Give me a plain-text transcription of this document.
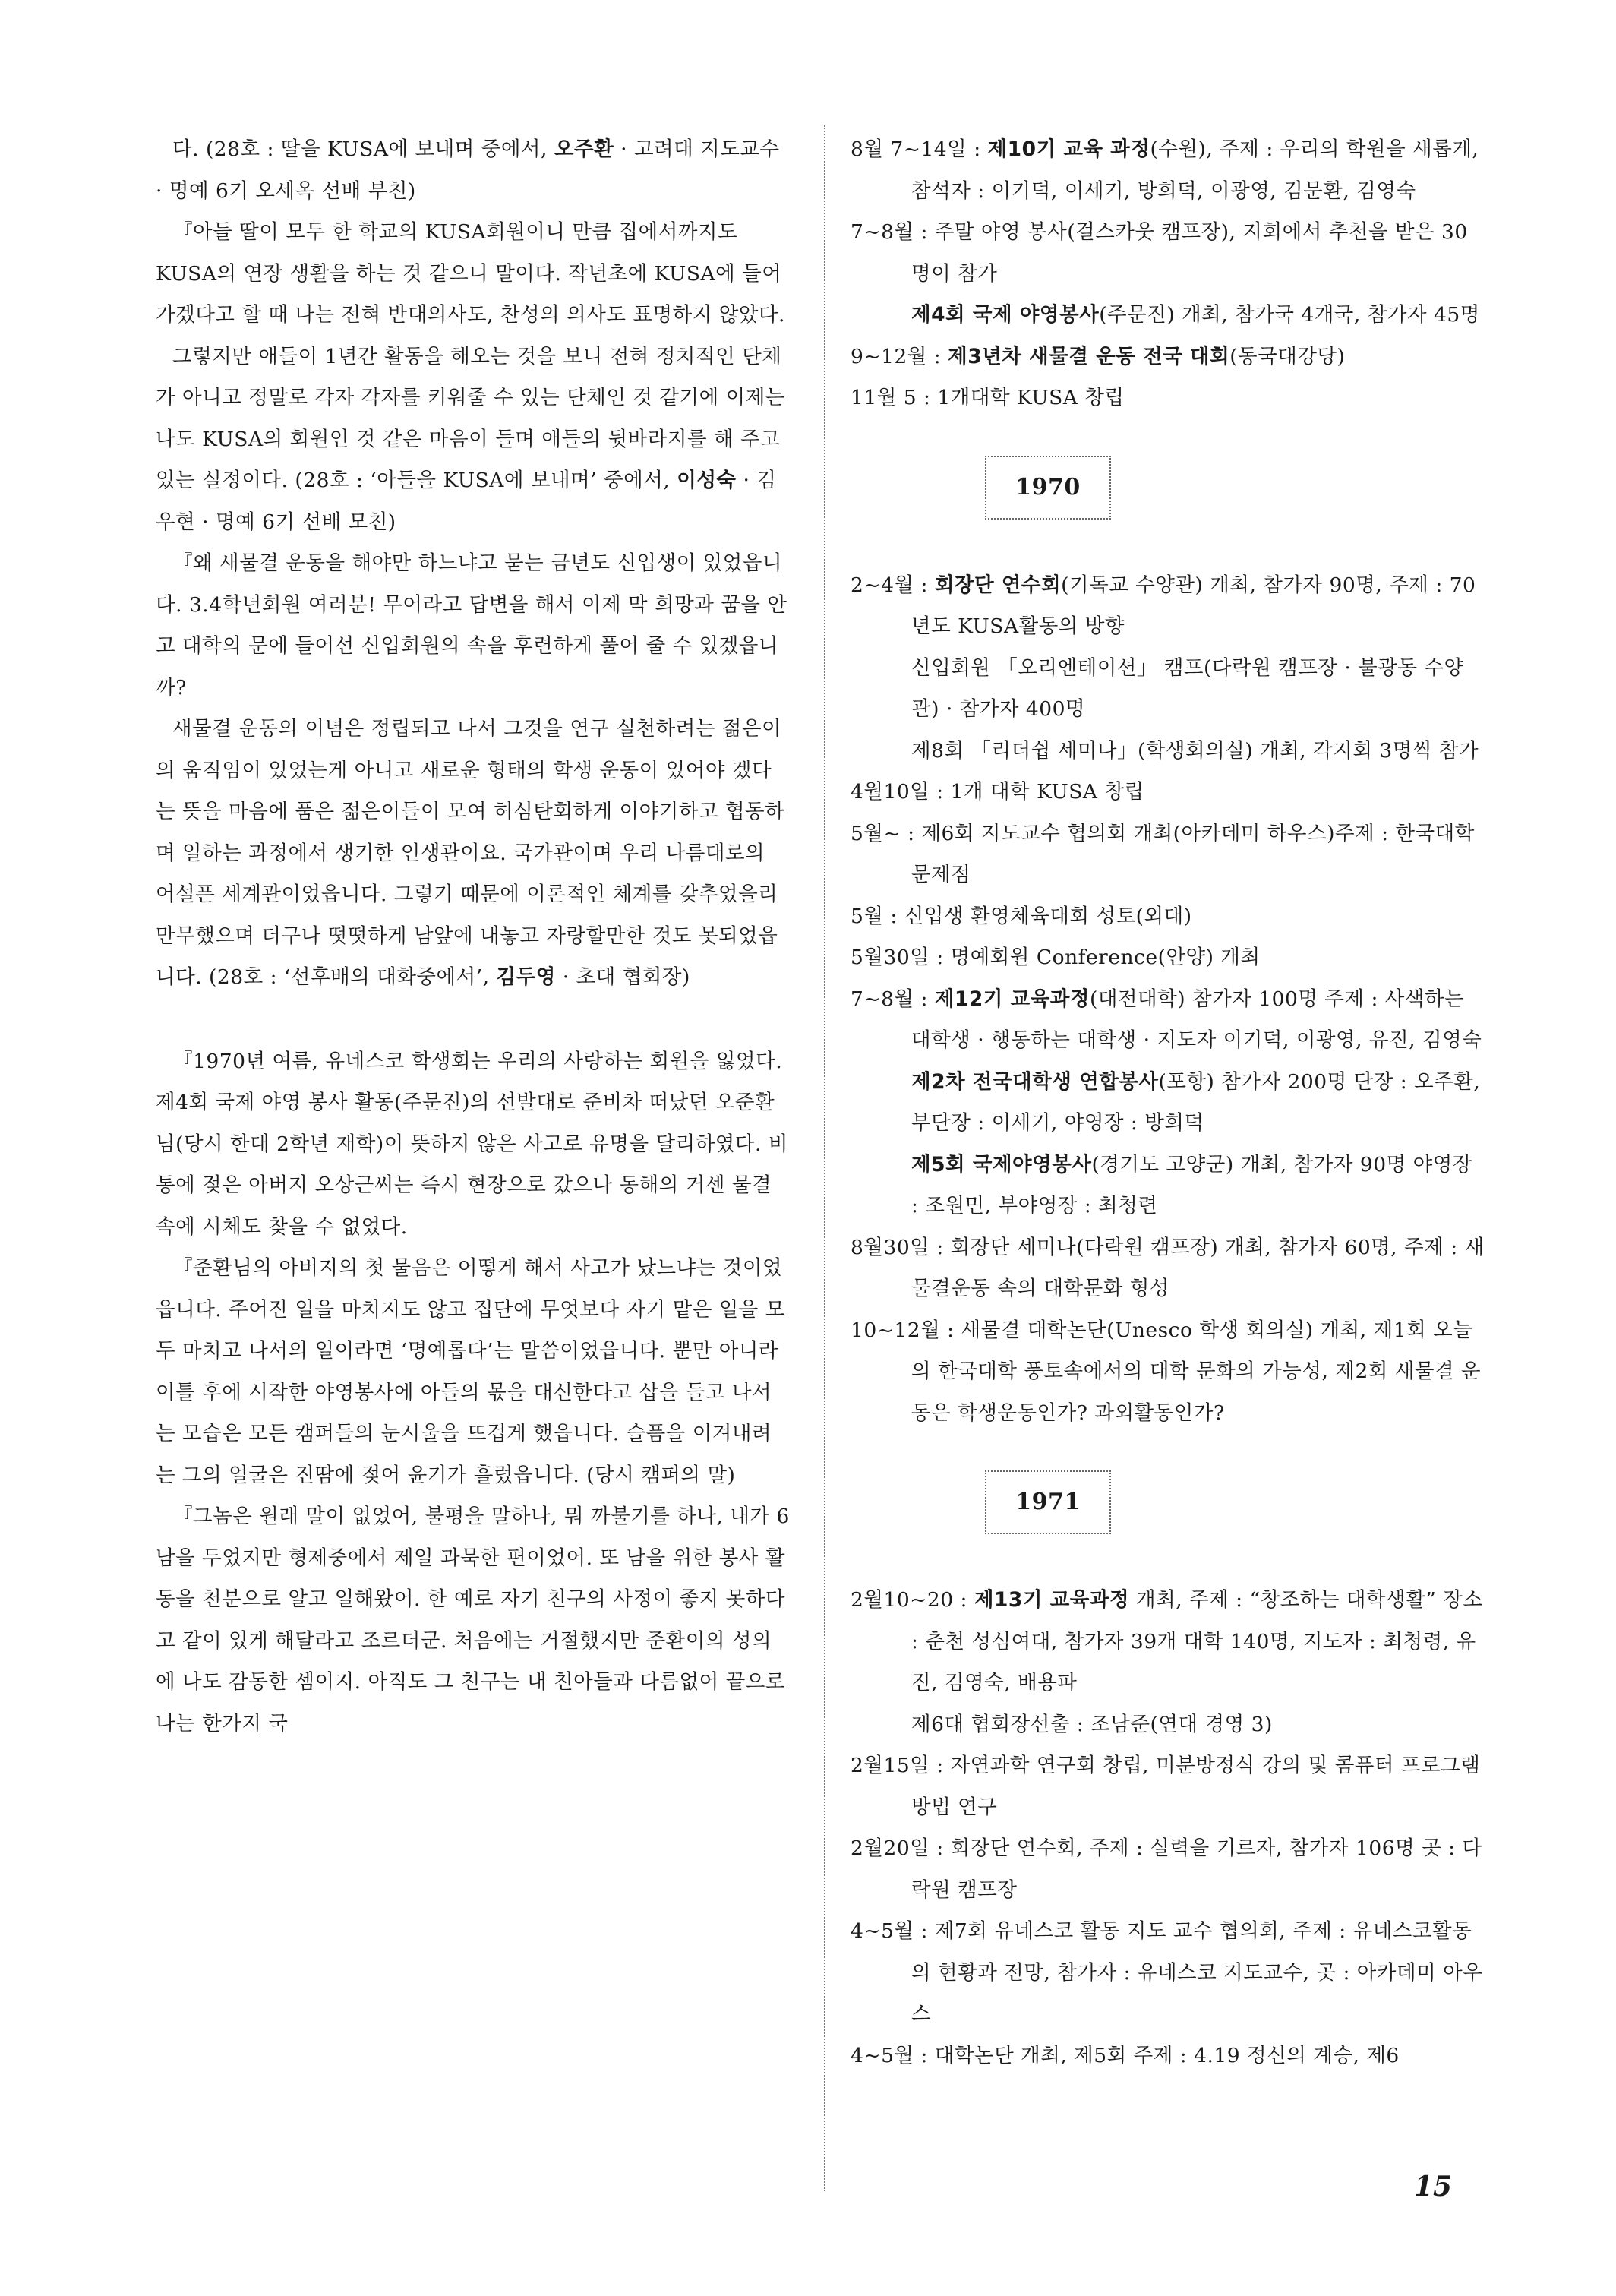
다. (28호 : 딸을 KUSA에 보내며 중에서, 오주환 · 고려대 지도교수 · 명예 6기 오세옥 선배 부친)

『아들 딸이 모두 한 학교의 KUSA회원이니 만큼 집에서까지도 KUSA의 연장 생활을 하는 것 같으니 말이다. 작년초에 KUSA에 들어가겠다고 할 때 나는 전혀 반대의사도, 찬성의 의사도 표명하지 않았다.

그렇지만 애들이 1년간 활동을 해오는 것을 보니 전혀 정치적인 단체가 아니고 정말로 각자 각자를 키워줄 수 있는 단체인 것 같기에 이제는 나도 KUSA의 회원인 것 같은 마음이 들며 애들의 뒷바라지를 해 주고 있는 실정이다. (28호 : ‘아들을 KUSA에 보내며’ 중에서, 이성숙 · 김우현 · 명예 6기 선배 모친)

『왜 새물결 운동을 해야만 하느냐고 묻는 금년도 신입생이 있었읍니다. 3.4학년회원 여러분! 무어라고 답변을 해서 이제 막 희망과 꿈을 안고 대학의 문에 들어선 신입회원의 속을 후련하게 풀어 줄 수 있겠읍니까?

새물결 운동의 이념은 정립되고 나서 그것을 연구 실천하려는 젊은이의 움직임이 있었는게 아니고 새로운 형태의 학생 운동이 있어야 겠다는 뜻을 마음에 품은 젊은이들이 모여 허심탄회하게 이야기하고 협동하며 일하는 과정에서 생기한 인생관이요. 국가관이며 우리 나름대로의 어설픈 세계관이었읍니다. 그렇기 때문에 이론적인 체계를 갖추었을리 만무했으며 더구나 떳떳하게 남앞에 내놓고 자랑할만한 것도 못되었읍니다. (28호 : ‘선후배의 대화중에서’, 김두영 · 초대 협회장)

『1970년 여름, 유네스코 학생회는 우리의 사랑하는 회원을 잃었다. 제4회 국제 야영 봉사 활동(주문진)의 선발대로 준비차 떠났던 오준환님(당시 한대 2학년 재학)이 뜻하지 않은 사고로 유명을 달리하였다. 비통에 젖은 아버지 오상근씨는 즉시 현장으로 갔으나 동해의 거센 물결 속에 시체도 찾을 수 없었다.

『준환님의 아버지의 첫 물음은 어떻게 해서 사고가 났느냐는 것이었읍니다. 주어진 일을 마치지도 않고 집단에 무엇보다 자기 맡은 일을 모두 마치고 나서의 일이라면 ‘명예롭다’는 말씀이었읍니다. 뿐만 아니라 이틀 후에 시작한 야영봉사에 아들의 몫을 대신한다고 삽을 들고 나서는 모습은 모든 캠퍼들의 눈시울을 뜨겁게 했읍니다. 슬픔을 이겨내려는 그의 얼굴은 진땀에 젖어 윤기가 흘렀읍니다. (당시 캠퍼의 말)

『그놈은 원래 말이 없었어, 불평을 말하나, 뭐 까불기를 하나, 내가 6남을 두었지만 형제중에서 제일 과묵한 편이었어. 또 남을 위한 봉사 활동을 천분으로 알고 일해왔어. 한 예로 자기 친구의 사정이 좋지 못하다고 같이 있게 해달라고 조르더군. 처음에는 거절했지만 준환이의 성의에 나도 감동한 셈이지. 아직도 그 친구는 내 친아들과 다름없어 끝으로 나는 한가지 국

8월 7~14일 : 제10기 교육 과정(수원), 주제 : 우리의 학원을 새롭게, 참석자 : 이기덕, 이세기, 방희덕, 이광영, 김문환, 김영숙

7~8월 : 주말 야영 봉사(걸스카웃 캠프장), 지회에서 추천을 받은 30명이 참가

제4회 국제 야영봉사(주문진) 개최, 참가국 4개국, 참가자 45명

9~12월 : 제3년차 새물결 운동 전국 대회(동국대강당)

11월 5 : 1개대학 KUSA 창립

1970

2~4월 : 회장단 연수회(기독교 수양관) 개최, 참가자 90명, 주제 : 70년도 KUSA활동의 방향

신입회원 「오리엔테이션」 캠프(다락원 캠프장 · 불광동 수양관) · 참가자 400명

제8회 「리더쉽 세미나」(학생회의실) 개최, 각지회 3명씩 참가

4월10일 : 1개 대학 KUSA 창립

5월~ : 제6회 지도교수 협의회 개최(아카데미 하우스)주제 : 한국대학 문제점

5월 : 신입생 환영체육대회 성토(외대)

5월30일 : 명예회원 Conference(안양) 개최

7~8월 : 제12기 교육과정(대전대학) 참가자 100명 주제 : 사색하는 대학생 · 행동하는 대학생 · 지도자 이기덕, 이광영, 유진, 김영숙

제2차 전국대학생 연합봉사(포항) 참가자 200명 단장 : 오주환, 부단장 : 이세기, 야영장 : 방희덕

제5회 국제야영봉사(경기도 고양군) 개최, 참가자 90명 야영장 : 조원민, 부야영장 : 최청련

8월30일 : 회장단 세미나(다락원 캠프장) 개최, 참가자 60명, 주제 : 새물결운동 속의 대학문화 형성

10~12월 : 새물결 대학논단(Unesco 학생 회의실) 개최, 제1회 오늘의 한국대학 풍토속에서의 대학 문화의 가능성, 제2회 새물결 운동은 학생운동인가? 과외활동인가?

1971

2월10~20 : 제13기 교육과정 개최, 주제 : “창조하는 대학생활” 장소 : 춘천 성심여대, 참가자 39개 대학 140명, 지도자 : 최청령, 유진, 김영숙, 배용파

제6대 협회장선출 : 조남준(연대 경영 3)

2월15일 : 자연과학 연구회 창립, 미분방정식 강의 및 콤퓨터 프로그램 방법 연구

2월20일 : 회장단 연수회, 주제 : 실력을 기르자, 참가자 106명 곳 : 다락원 캠프장

4~5월 : 제7회 유네스코 활동 지도 교수 협의회, 주제 : 유네스코활동의 현황과 전망, 참가자 : 유네스코 지도교수, 곳 : 아카데미 아우스

4~5월 : 대학논단 개최, 제5회 주제 : 4.19 정신의 계승, 제6

15
